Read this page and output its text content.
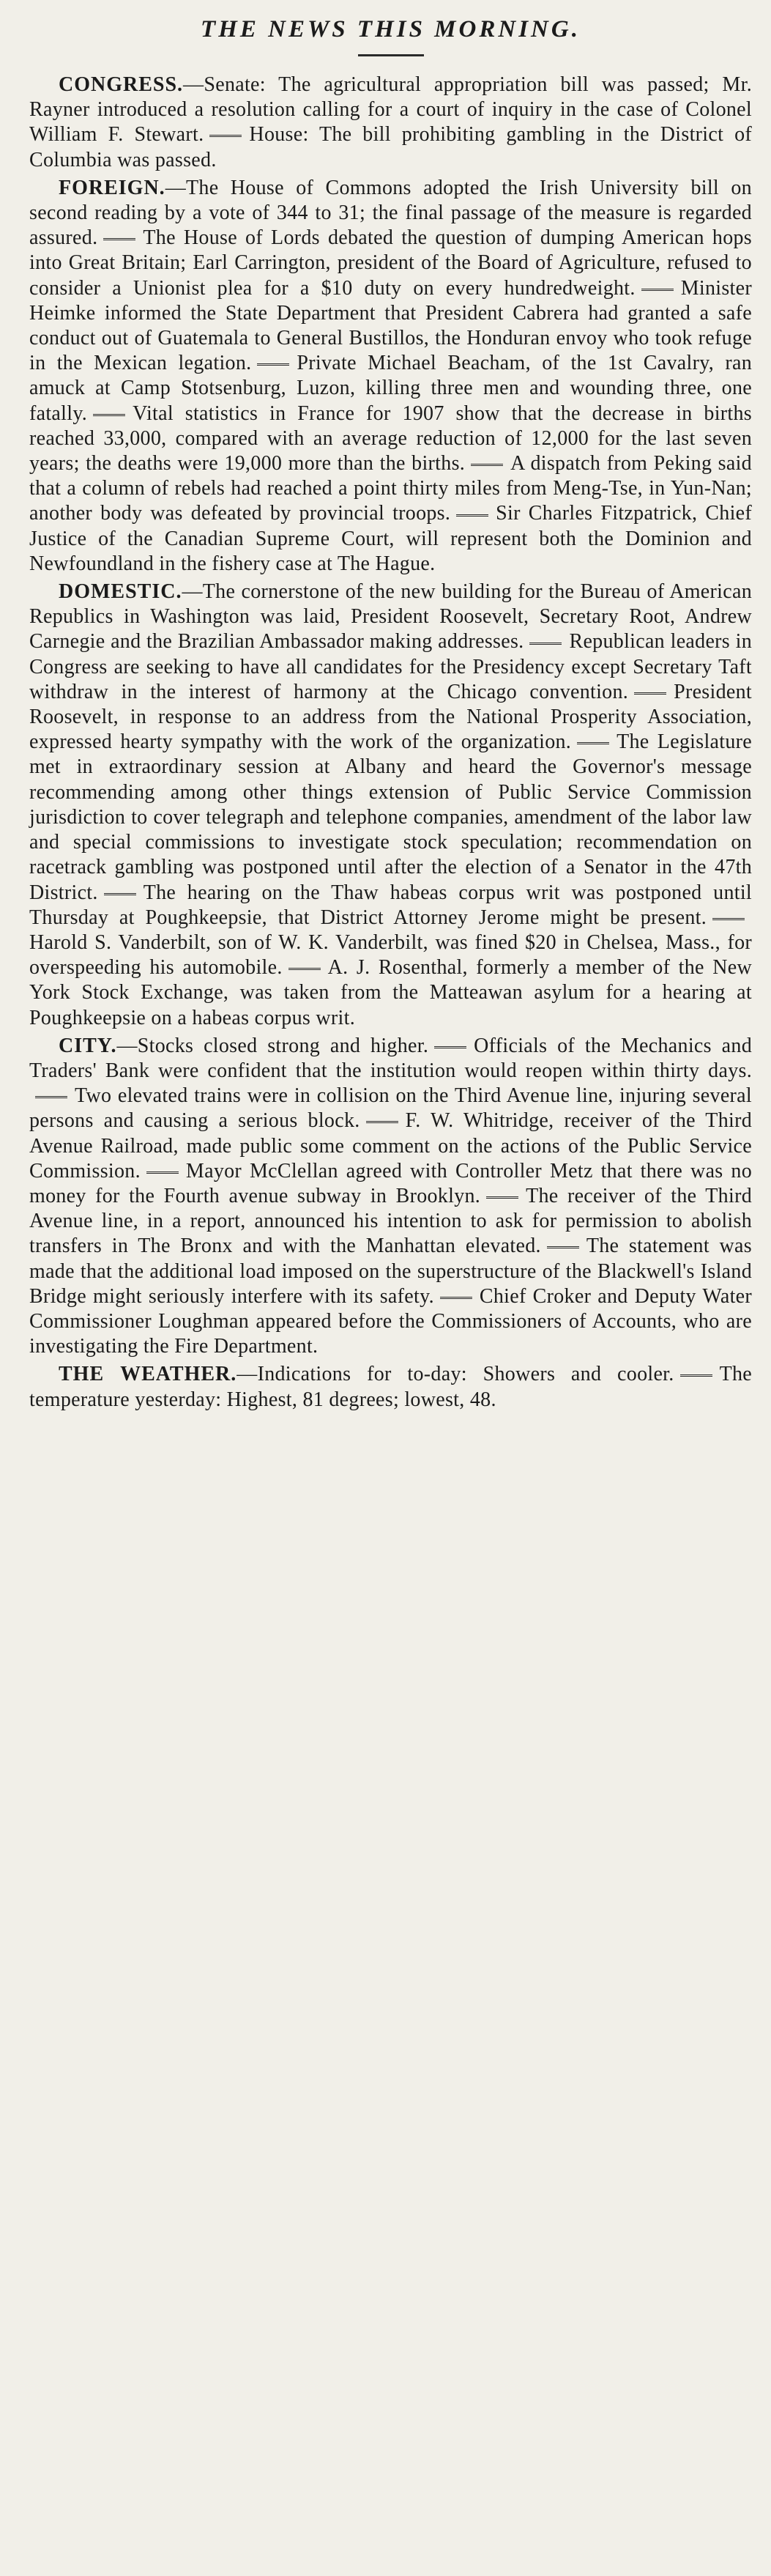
THE NEWS THIS MORNING.

CONGRESS.—Senate: The agricultural appropriation bill was passed; Mr. Rayner introduced a resolution calling for a court of inquiry in the case of Colonel William F. Stewart. House: The bill prohibiting gambling in the District of Columbia was passed.

FOREIGN.—The House of Commons adopted the Irish University bill on second reading by a vote of 344 to 31; the final passage of the measure is regarded assured. The House of Lords debated the question of dumping American hops into Great Britain; Earl Carrington, president of the Board of Agriculture, refused to consider a Unionist plea for a $10 duty on every hundredweight. Minister Heimke informed the State Department that President Cabrera had granted a safe conduct out of Guatemala to General Bustillos, the Honduran envoy who took refuge in the Mexican legation. Private Michael Beacham, of the 1st Cavalry, ran amuck at Camp Stotsenburg, Luzon, killing three men and wounding three, one fatally. Vital statistics in France for 1907 show that the decrease in births reached 33,000, compared with an average reduction of 12,000 for the last seven years; the deaths were 19,000 more than the births. A dispatch from Peking said that a column of rebels had reached a point thirty miles from Meng-Tse, in Yun-Nan; another body was defeated by provincial troops. Sir Charles Fitzpatrick, Chief Justice of the Canadian Supreme Court, will represent both the Dominion and Newfoundland in the fishery case at The Hague.

DOMESTIC.—The cornerstone of the new building for the Bureau of American Republics in Washington was laid, President Roosevelt, Secretary Root, Andrew Carnegie and the Brazilian Ambassador making addresses. Republican leaders in Congress are seeking to have all candidates for the Presidency except Secretary Taft withdraw in the interest of harmony at the Chicago convention. President Roosevelt, in response to an address from the National Prosperity Association, expressed hearty sympathy with the work of the organization. The Legislature met in extraordinary session at Albany and heard the Governor's message recommending among other things extension of Public Service Commission jurisdiction to cover telegraph and telephone companies, amendment of the labor law and special commissions to investigate stock speculation; recommendation on racetrack gambling was postponed until after the election of a Senator in the 47th District. The hearing on the Thaw habeas corpus writ was postponed until Thursday at Poughkeepsie, that District Attorney Jerome might be present.Harold S. Vanderbilt, son of W. K. Vanderbilt, was fined $20 in Chelsea, Mass., for overspeeding his automobile. A. J. Rosenthal, formerly a member of the New York Stock Exchange, was taken from the Matteawan asylum for a hearing at Poughkeepsie on a habeas corpus writ.

CITY.—Stocks closed strong and higher. Officials of the Mechanics and Traders' Bank were confident that the institution would reopen within thirty days.Two elevated trains were in collision on the Third Avenue line, injuring several persons and causing a serious block. F. W. Whitridge, receiver of the Third Avenue Railroad, made public some comment on the actions of the Public Service Commission. Mayor McClellan agreed with Controller Metz that there was no money for the Fourth avenue subway in Brooklyn. The receiver of the Third Avenue line, in a report, announced his intention to ask for permission to abolish transfers in The Bronx and with the Manhattan elevated. The statement was made that the additional load imposed on the superstructure of the Blackwell's Island Bridge might seriously interfere with its safety. Chief Croker and Deputy Water Commissioner Loughman appeared before the Commissioners of Accounts, who are investigating the Fire Department.

THE WEATHER.—Indications for to-day: Showers and cooler. The temperature yesterday: Highest, 81 degrees; lowest, 48.
